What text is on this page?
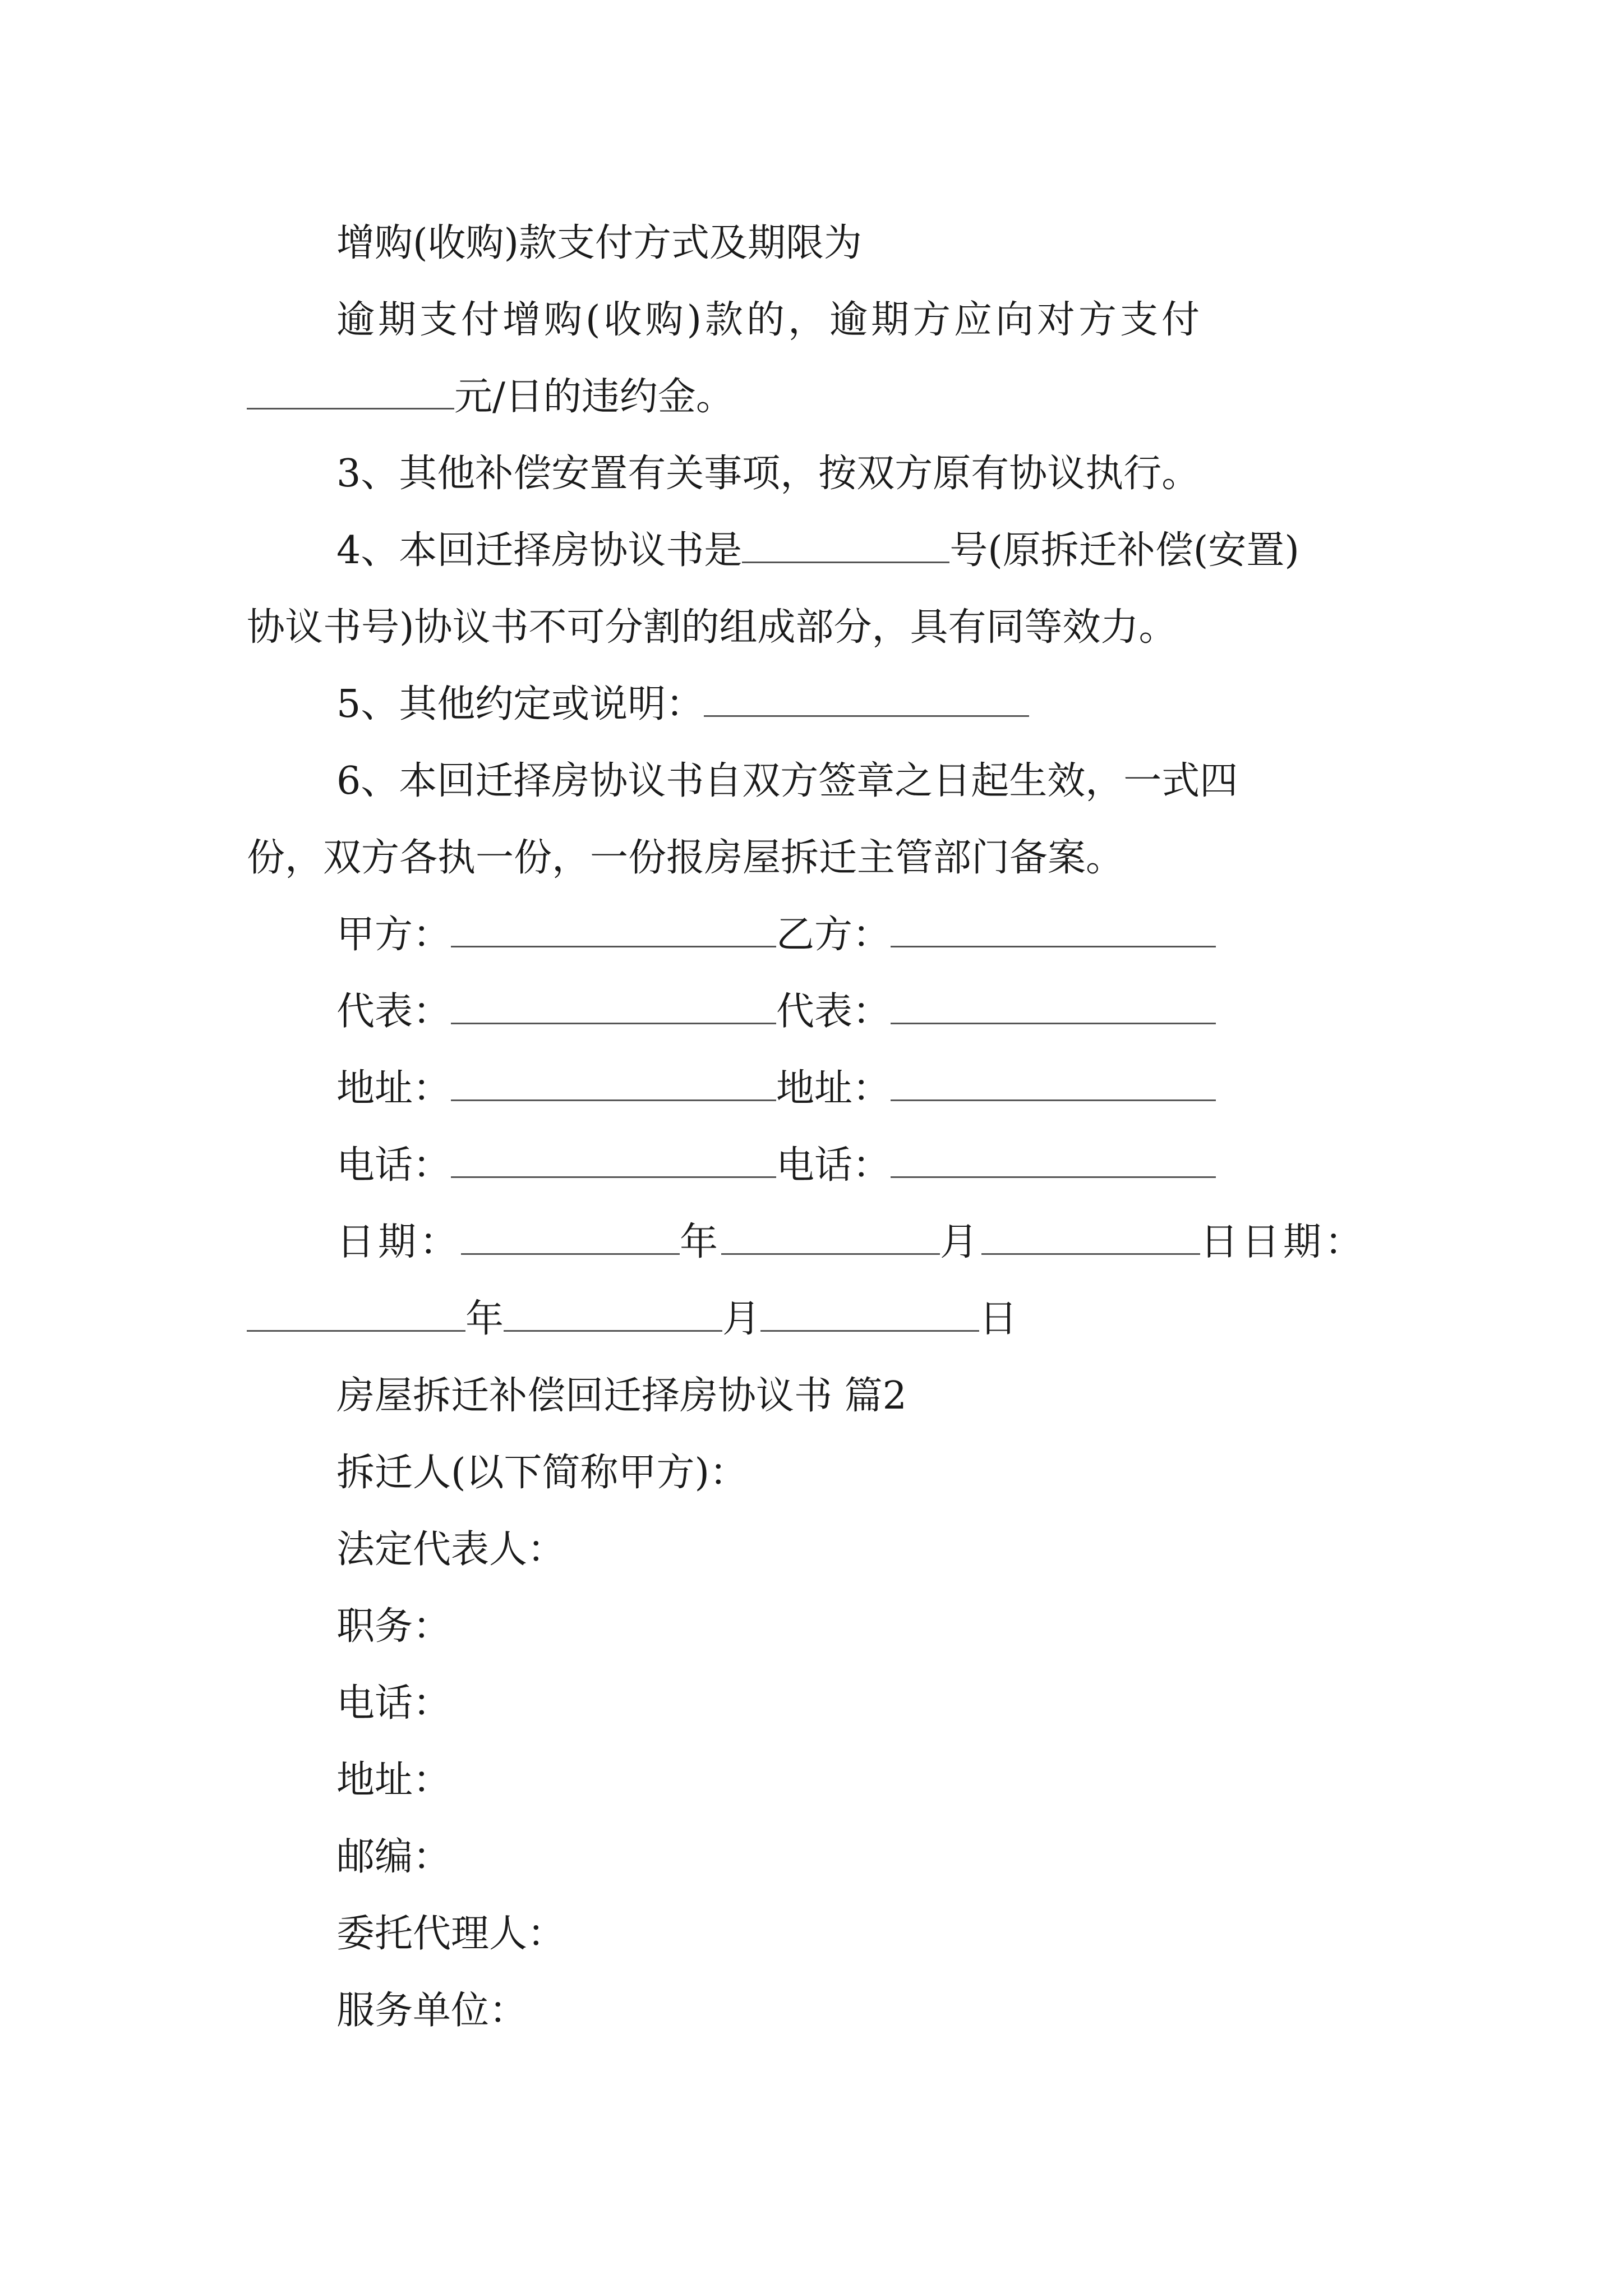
增购(收购)款支付方式及期限为
逾期支付增购(收购)款的，逾期方应向对方支付
元/日的违约金。
3、其他补偿安置有关事项，按双方原有协议执行。
4、本回迁择房协议书是	号(原拆迁补偿(安置)
协议书号)协议书不可分割的组成部分，具有同等效力。
5、其他约定或说明：
6、本回迁择房协议书自双方签章之日起生效，一式四
份，双方各执一份，一份报房屋拆迁主管部门备案。
甲方：	乙方：
代表：	代表：
地址：	地址：
电话：	电话：
日期：	年	月	日日期：
年	月	日
房屋拆迁补偿回迁择房协议书 篇2
拆迁人(以下简称甲方)：
法定代表人：
职务：
电话：
地址：
邮编：
委托代理人：
服务单位：
